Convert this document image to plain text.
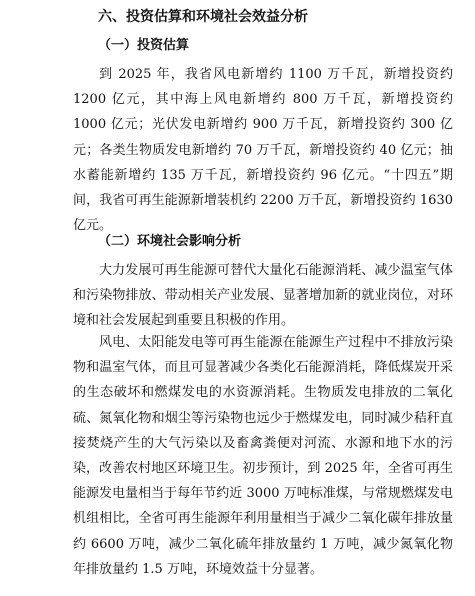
六、投资估算和环境社会效益分析
（一）投资估算

到 2025 年，我省风电新增约 1100 万千瓦，新增投资约 1200 亿元，其中海上风电新增约 800 万千瓦，新增投资约 1000 亿元；光伏发电新增约 900 万千瓦，新增投资约 300 亿元；各类生物质发电新增约 70 万千瓦，新增投资约 40 亿元；抽水蓄能新增约 135 万千瓦，新增投资约 96 亿元。“十四五”期间，我省可再生能源新增装机约 2200 万千瓦，新增投资约 1630 亿元。

（二）环境社会影响分析

大力发展可再生能源可替代大量化石能源消耗、减少温室气体和污染物排放、带动相关产业发展、显著增加新的就业岗位，对环境和社会发展起到重要且积极的作用。

风电、太阳能发电等可再生能源在能源生产过程中不排放污染物和温室气体，而且可显著减少各类化石能源消耗，降低煤炭开采的生态破坏和燃煤发电的水资源消耗。生物质发电排放的二氧化硫、氮氧化物和烟尘等污染物也远少于燃煤发电，同时减少秸秆直接焚烧产生的大气污染以及畜禽粪便对河流、水源和地下水的污染，改善农村地区环境卫生。初步预计，到 2025 年，全省可再生能源发电量相当于每年节约近 3000 万吨标准煤，与常规燃煤发电机组相比，全省可再生能源年利用量相当于减少二氧化碳年排放量约 6600 万吨，减少二氧化硫年排放量约 1 万吨，减少氮氧化物年排放量约 1.5 万吨，环境效益十分显著。
